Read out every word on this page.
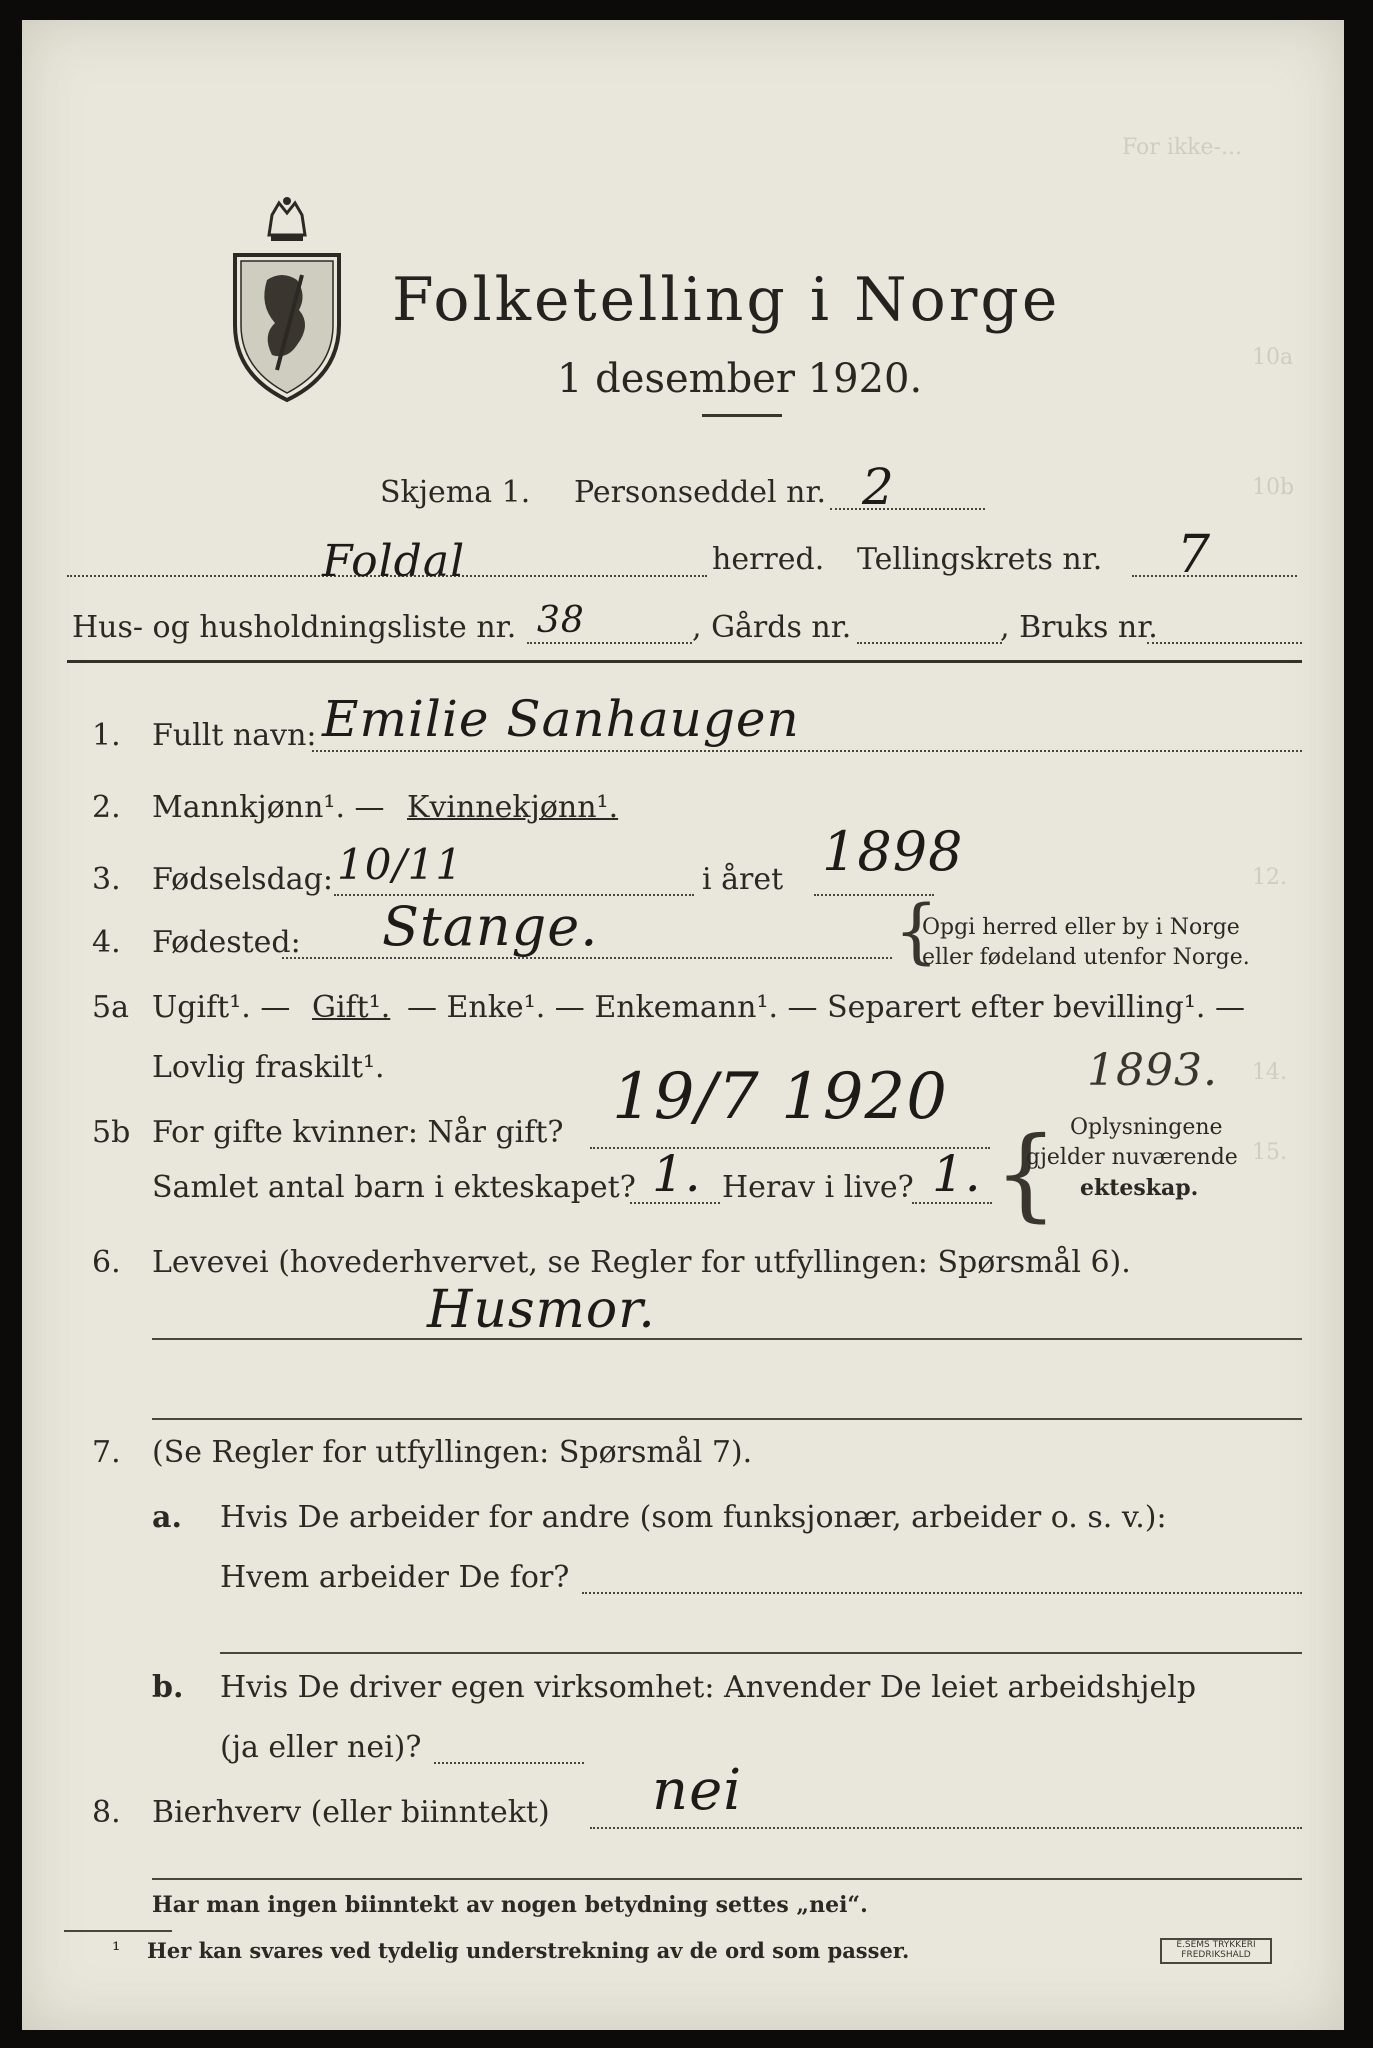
Folketelling i Norge
1 desember 1920.
For ikke-...
10a
10b
12.
14.
15.
Skjema 1. Personseddel nr. 2
Foldal	herred. Tellingskrets nr. 7
Hus- og husholdningsliste nr. 38	, Gårds nr.	, Bruks nr.
1. Fullt navn: Emilie Sanhaugen
2. Mannkjønn¹. — Kvinnekjønn¹.
3. Fødselsdag: 10/11	i året 1898
4. Fødested: Stange.	{
Opgi herred eller by i Norge
eller fødeland utenfor Norge.
5a Ugift¹. — Gift¹. — Enke¹. — Enkemann¹. — Separert efter bevilling¹. —
Lovlig fraskilt¹.	1893.
5b For gifte kvinner: Når gift? 19/7 1920
{ Oplysningene
gjelder nuværende
ekteskap.
Samlet antal barn i ekteskapet? 1. Herav i live? 1.
6. Levevei (hovederhvervet, se Regler for utfyllingen: Spørsmål 6).
Husmor.
7. (Se Regler for utfyllingen: Spørsmål 7).
a. Hvis De arbeider for andre (som funksjonær, arbeider o. s. v.):
Hvem arbeider De for?
b. Hvis De driver egen virksomhet: Anvender De leiet arbeidshjelp
(ja eller nei)?
8. Bierhverv (eller biinntekt) nei
Har man ingen biinntekt av nogen betydning settes „nei“.
¹ Her kan svares ved tydelig understrekning av de ord som passer.	E.SEMS TRYKKERI FREDRIKSHALD
